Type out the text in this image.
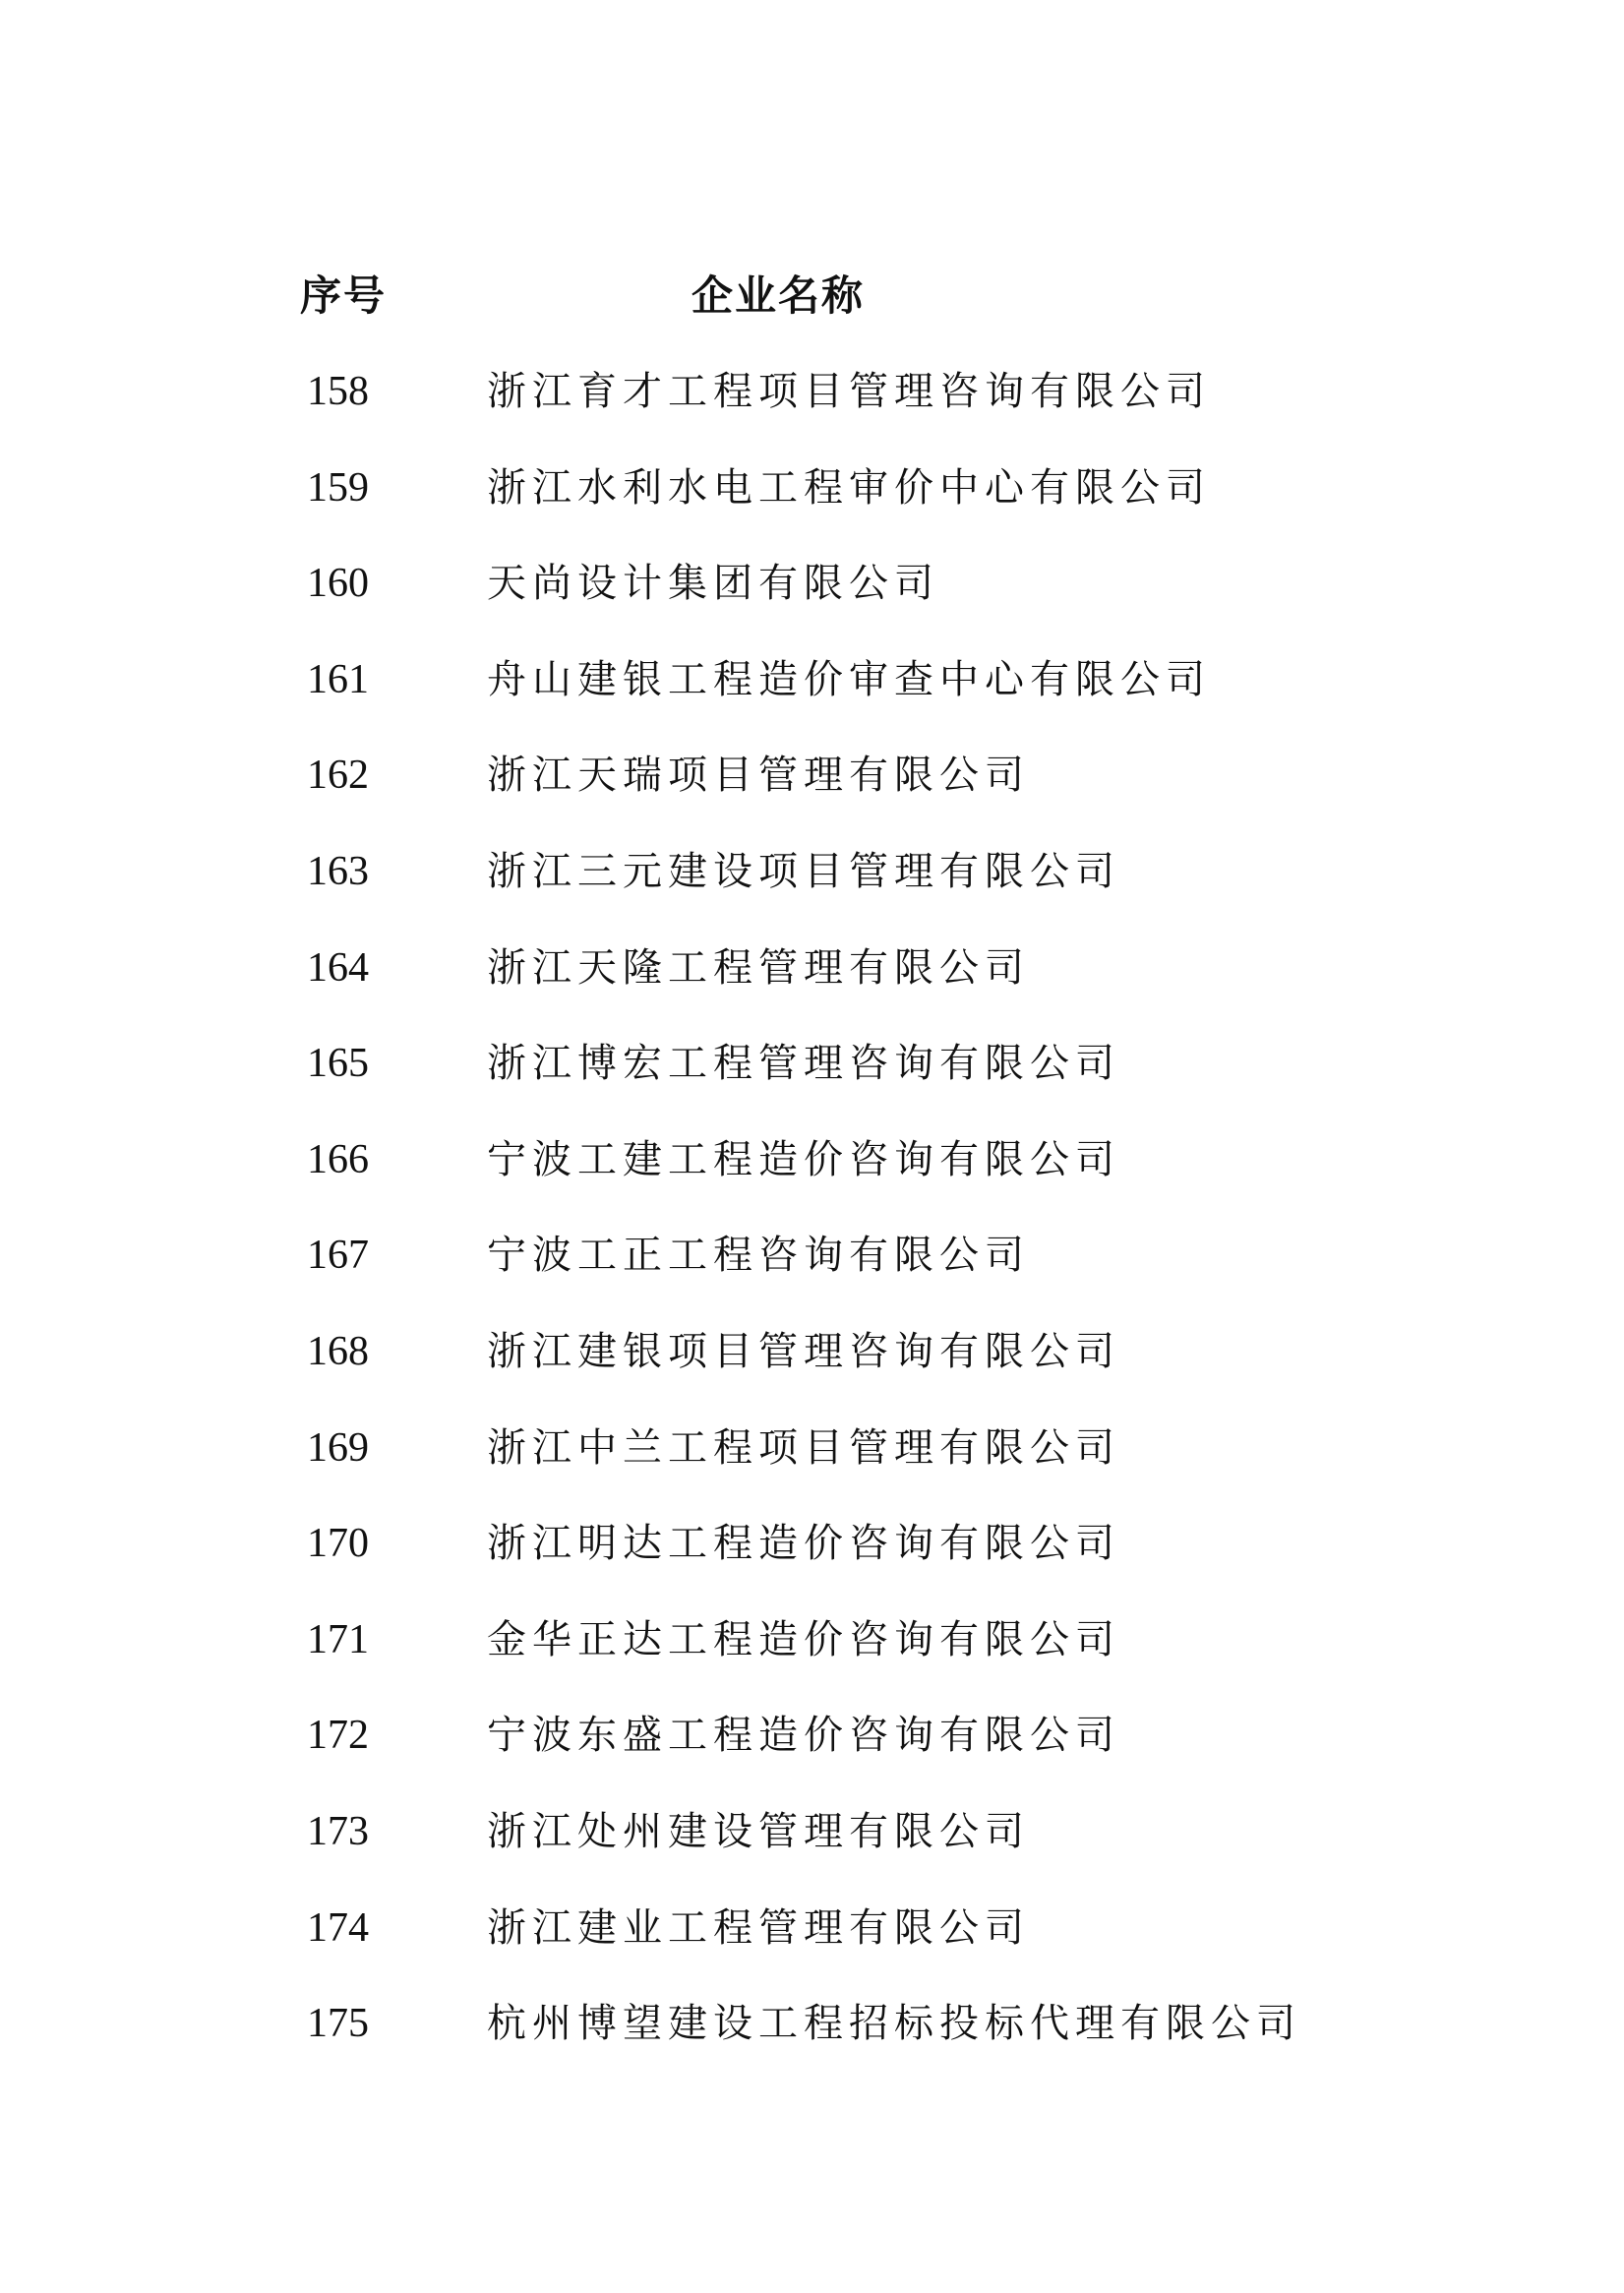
序号	企业名称
158	浙江育才工程项目管理咨询有限公司
159	浙江水利水电工程审价中心有限公司
160	天尚设计集团有限公司
161	舟山建银工程造价审查中心有限公司
162	浙江天瑞项目管理有限公司
163	浙江三元建设项目管理有限公司
164	浙江天隆工程管理有限公司
165	浙江博宏工程管理咨询有限公司
166	宁波工建工程造价咨询有限公司
167	宁波工正工程咨询有限公司
168	浙江建银项目管理咨询有限公司
169	浙江中兰工程项目管理有限公司
170	浙江明达工程造价咨询有限公司
171	金华正达工程造价咨询有限公司
172	宁波东盛工程造价咨询有限公司
173	浙江处州建设管理有限公司
174	浙江建业工程管理有限公司
175	杭州博望建设工程招标投标代理有限公司
